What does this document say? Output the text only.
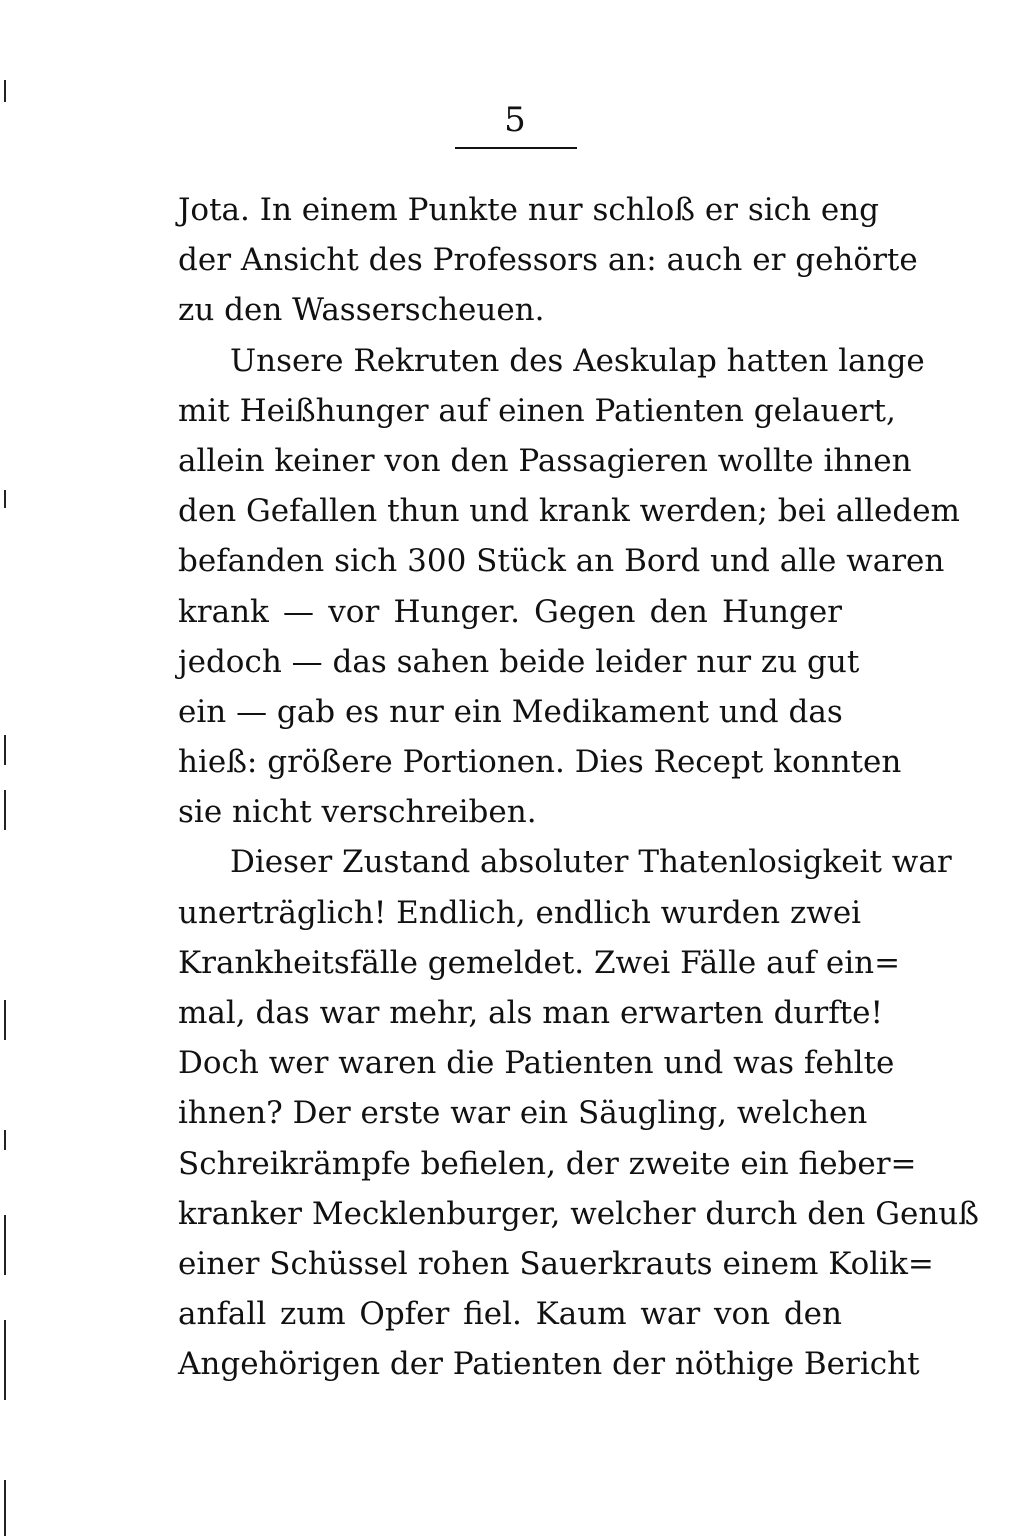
5
Jota. In einem Punkte nur schloß er sich eng
der Ansicht des Professors an: auch er gehörte
zu den Wasserscheuen.
Unsere Rekruten des Aeskulap hatten lange
mit Heißhunger auf einen Patienten gelauert,
allein keiner von den Passagieren wollte ihnen
den Gefallen thun und krank werden; bei alledem
befanden sich 300 Stück an Bord und alle waren
krank — vor Hunger. Gegen den Hunger
jedoch — das sahen beide leider nur zu gut
ein — gab es nur ein Medikament und das
hieß: größere Portionen. Dies Recept konnten
sie nicht verschreiben.
Dieser Zustand absoluter Thatenlosigkeit war
unerträglich! Endlich, endlich wurden zwei
Krankheitsfälle gemeldet. Zwei Fälle auf ein=
mal, das war mehr, als man erwarten durfte!
Doch wer waren die Patienten und was fehlte
ihnen? Der erste war ein Säugling, welchen
Schreikrämpfe befielen, der zweite ein fieber=
kranker Mecklenburger, welcher durch den Genuß
einer Schüssel rohen Sauerkrauts einem Kolik=
anfall zum Opfer fiel. Kaum war von den
Angehörigen der Patienten der nöthige Bericht
